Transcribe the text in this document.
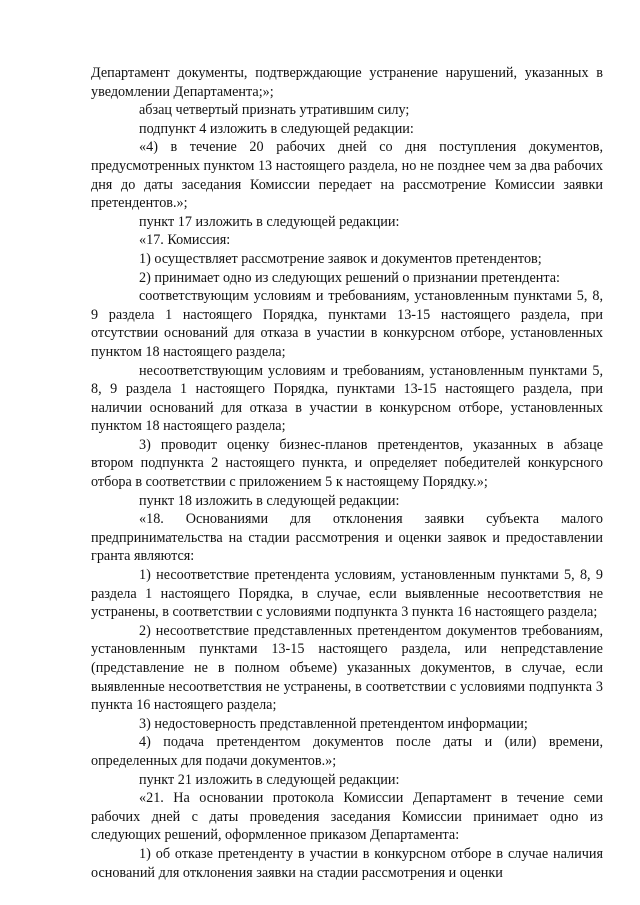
Департамент документы, подтверждающие устранение нарушений, указанных в уведомлении Департамента;»;

абзац четвертый признать утратившим силу;

подпункт 4 изложить в следующей редакции:

«4) в течение 20 рабочих дней со дня поступления документов, предусмотренных пунктом 13 настоящего раздела, но не позднее чем за два рабочих дня до даты заседания Комиссии передает на рассмотрение Комиссии заявки претендентов.»;

пункт 17 изложить в следующей редакции:

«17. Комиссия:

1) осуществляет рассмотрение заявок и документов претендентов;

2) принимает одно из следующих решений о признании претендента:

соответствующим условиям и требованиям, установленным пунктами 5, 8, 9 раздела 1 настоящего Порядка, пунктами 13-15 настоящего раздела, при отсутствии оснований для отказа в участии в конкурсном отборе, установленных пунктом 18 настоящего раздела;

несоответствующим условиям и требованиям, установленным пунктами 5, 8, 9 раздела 1 настоящего Порядка, пунктами 13-15 настоящего раздела, при наличии оснований для отказа в участии в конкурсном отборе, установленных пунктом 18 настоящего раздела;

3) проводит оценку бизнес-планов претендентов, указанных в абзаце втором подпункта 2 настоящего пункта, и определяет победителей конкурсного отбора в соответствии с приложением 5 к настоящему Порядку.»;

пункт 18 изложить в следующей редакции:

«18. Основаниями для отклонения заявки субъекта малого предпринимательства на стадии рассмотрения и оценки заявок и предоставлении гранта являются:

1) несоответствие претендента условиям, установленным пунктами 5, 8, 9 раздела 1 настоящего Порядка, в случае, если выявленные несоответствия не устранены, в соответствии с условиями подпункта 3 пункта 16 настоящего раздела;

2) несоответствие представленных претендентом документов требованиям, установленным пунктами 13-15 настоящего раздела, или непредставление (представление не в полном объеме) указанных документов, в случае, если выявленные несоответствия не устранены, в соответствии с условиями подпункта 3 пункта 16 настоящего раздела;

3) недостоверность представленной претендентом информации;

4) подача претендентом документов после даты и (или) времени, определенных для подачи документов.»;

пункт 21 изложить в следующей редакции:

«21. На основании протокола Комиссии Департамент в течение семи рабочих дней с даты проведения заседания Комиссии принимает одно из следующих решений, оформленное приказом Департамента:

1) об отказе претенденту в участии в конкурсном отборе в случае наличия оснований для отклонения заявки на стадии рассмотрения и оценки
